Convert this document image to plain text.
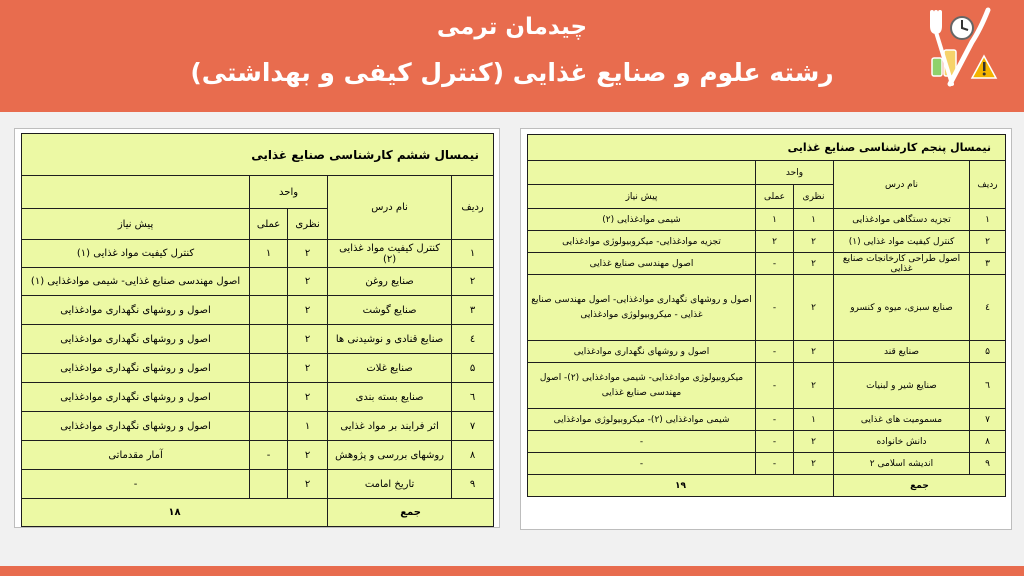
چیدمان ترمی
رشته علوم و صنایع غذایی (کنترل کیفی و بهداشتی)
نیمسال ششم کارشناسی صنایع غذایی				
ردیف	نام درس	واحد		
		نظری	عملی	پیش نیاز
۱	کنترل کیفیت مواد غذایی (۲)	۲	۱	کنترل کیفیت مواد غذایی (۱)
۲	صنایع روغن	۲		اصول مهندسی صنایع غذایی- شیمی موادغذایی (۱)
۳	صنایع گوشت	۲		اصول و روشهای نگهداری موادغذایی
٤	صنایع قنادی و نوشیدنی ها	۲		اصول و روشهای نگهداری موادغذایی
۵	صنایع غلات	۲		اصول و روشهای نگهداری موادغذایی
٦	صنایع بسته بندی	۲		اصول و روشهای نگهداری موادغذایی
۷	اثر فرایند بر مواد غذایی	۱		اصول و روشهای نگهداری موادغذایی
۸	روشهای بررسی و پژوهش	۲	-	آمار مقدماتی
۹	تاریخ امامت	۲		-
جمع		۱۸		
نیمسال پنجم کارشناسی صنایع غذایی				
ردیف	نام درس	واحد		
		نظری	عملی	پیش نیاز
۱	تجزیه دستگاهی موادغذایی	۱	۱	شیمی موادغذایی (۲)
۲	کنترل کیفیت مواد غذایی (۱)	۲	۲	تجزیه موادغذایی- میکروبیولوژی موادغذایی
۳	اصول طراحی کارخانجات صنایع غذایی	۲	-	اصول مهندسی صنایع غذایی
٤	صنایع سبزی، میوه و کنسرو	۲	-	اصول و روشهای نگهداری موادغذایی- اصول مهندسی صنایع غذایی - میکروبیولوژی موادغذایی
۵	صنایع قند	۲	-	اصول و روشهای نگهداری موادغذایی
٦	صنایع شیر و لبنیات	۲	-	میکروبیولوژی موادغذایی- شیمی موادغذایی (۲)- اصول مهندسی صنایع غذایی
۷	مسمومیت های غذایی	۱	-	شیمی موادغذایی (۲)- میکروبیولوژی موادغذایی
۸	دانش خانواده	۲	-	-
۹	اندیشه اسلامی ۲	۲	-	-
جمع		۱۹		
